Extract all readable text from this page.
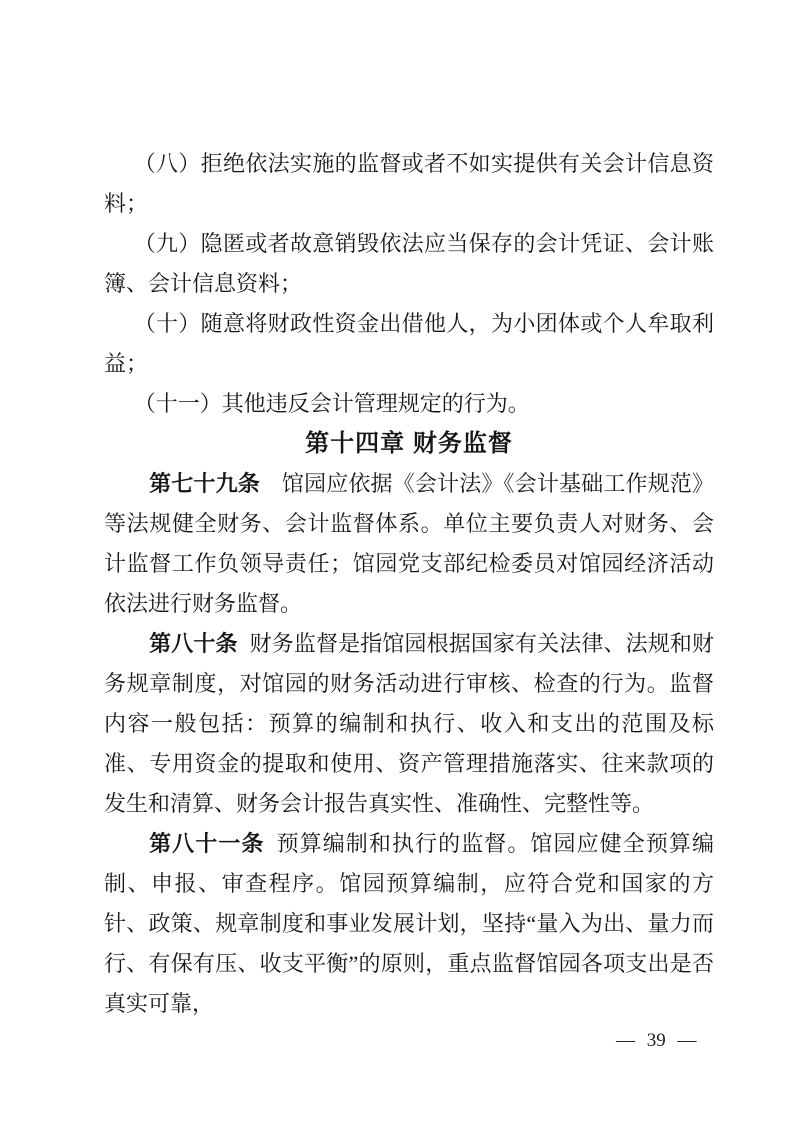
（八）拒绝依法实施的监督或者不如实提供有关会计信息资料；

（九）隐匿或者故意销毁依法应当保存的会计凭证、会计账簿、会计信息资料；

（十）随意将财政性资金出借他人，为小团体或个人牟取利益；

（十一）其他违反会计管理规定的行为。

第十四章 财务监督

第七十九条 馆园应依据《会计法》《会计基础工作规范》等法规健全财务、会计监督体系。单位主要负责人对财务、会计监督工作负领导责任；馆园党支部纪检委员对馆园经济活动依法进行财务监督。

第八十条 财务监督是指馆园根据国家有关法律、法规和财务规章制度，对馆园的财务活动进行审核、检查的行为。监督内容一般包括：预算的编制和执行、收入和支出的范围及标准、专用资金的提取和使用、资产管理措施落实、往来款项的发生和清算、财务会计报告真实性、准确性、完整性等。

第八十一条 预算编制和执行的监督。馆园应健全预算编制、申报、审查程序。馆园预算编制，应符合党和国家的方针、政策、规章制度和事业发展计划，坚持“量入为出、量力而行、有保有压、收支平衡”的原则，重点监督馆园各项支出是否真实可靠，

— 39 —
